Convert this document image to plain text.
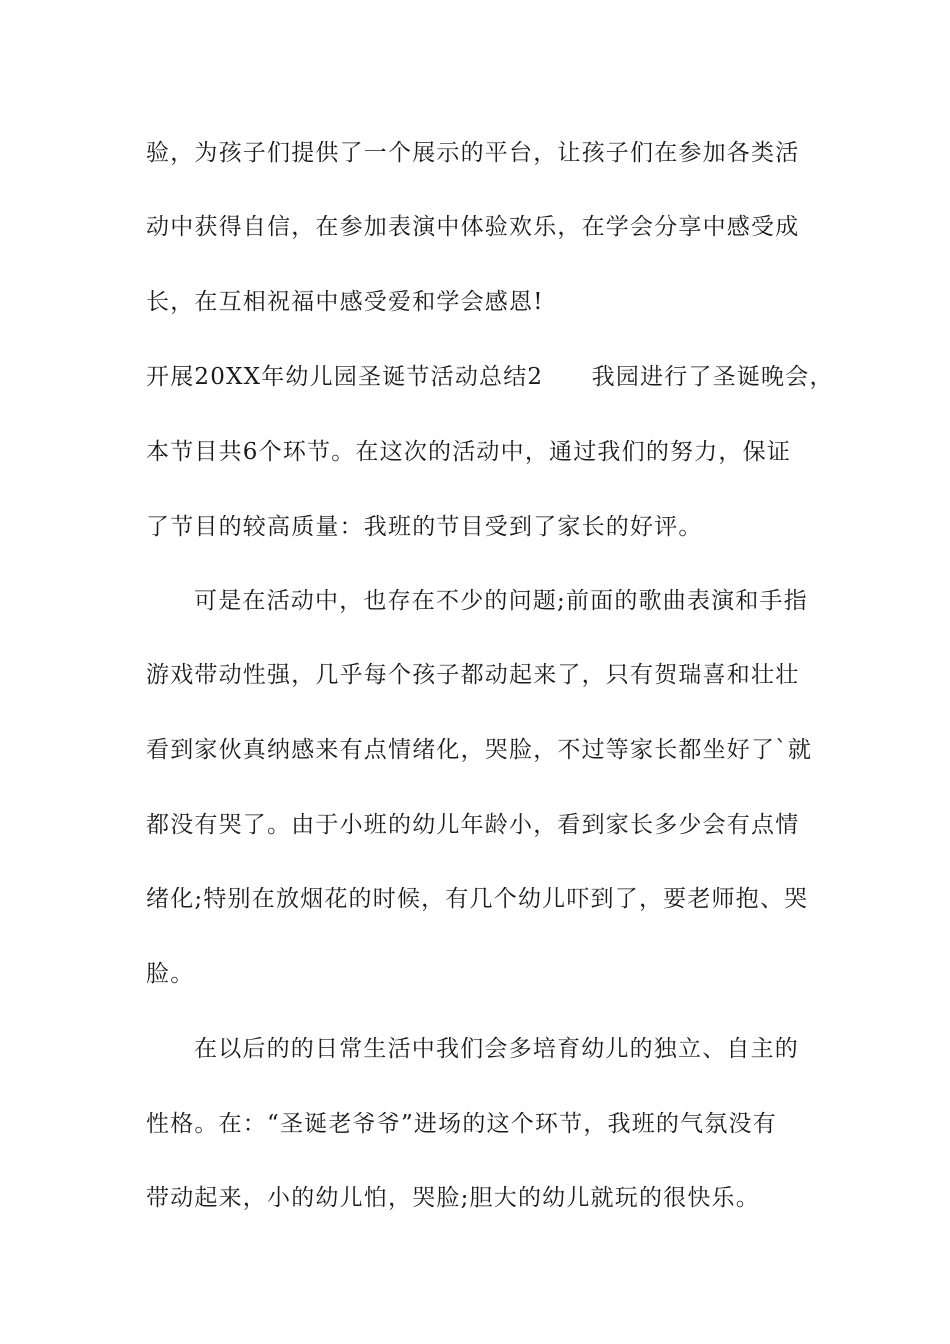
验，为孩子们提供了一个展示的平台，让孩子们在参加各类活
动中获得自信，在参加表演中体验欢乐，在学会分享中感受成
长，在互相祝福中感受爱和学会感恩!
开展20XX年幼儿园圣诞节活动总结2　　我园进行了圣诞晚会，
本节目共6个环节。在这次的活动中，通过我们的努力，保证
了节目的较高质量：我班的节目受到了家长的好评。
可是在活动中，也存在不少的问题;前面的歌曲表演和手指
游戏带动性强，几乎每个孩子都动起来了，只有贺瑞喜和壮壮
看到家伙真纳感来有点情绪化，哭脸，不过等家长都坐好了`就
都没有哭了。由于小班的幼儿年龄小，看到家长多少会有点情
绪化;特别在放烟花的时候，有几个幼儿吓到了，要老师抱、哭
脸。
在以后的的日常生活中我们会多培育幼儿的独立、自主的
性格。在：“圣诞老爷爷”进场的这个环节，我班的气氛没有
带动起来，小的幼儿怕，哭脸;胆大的幼儿就玩的很快乐。
